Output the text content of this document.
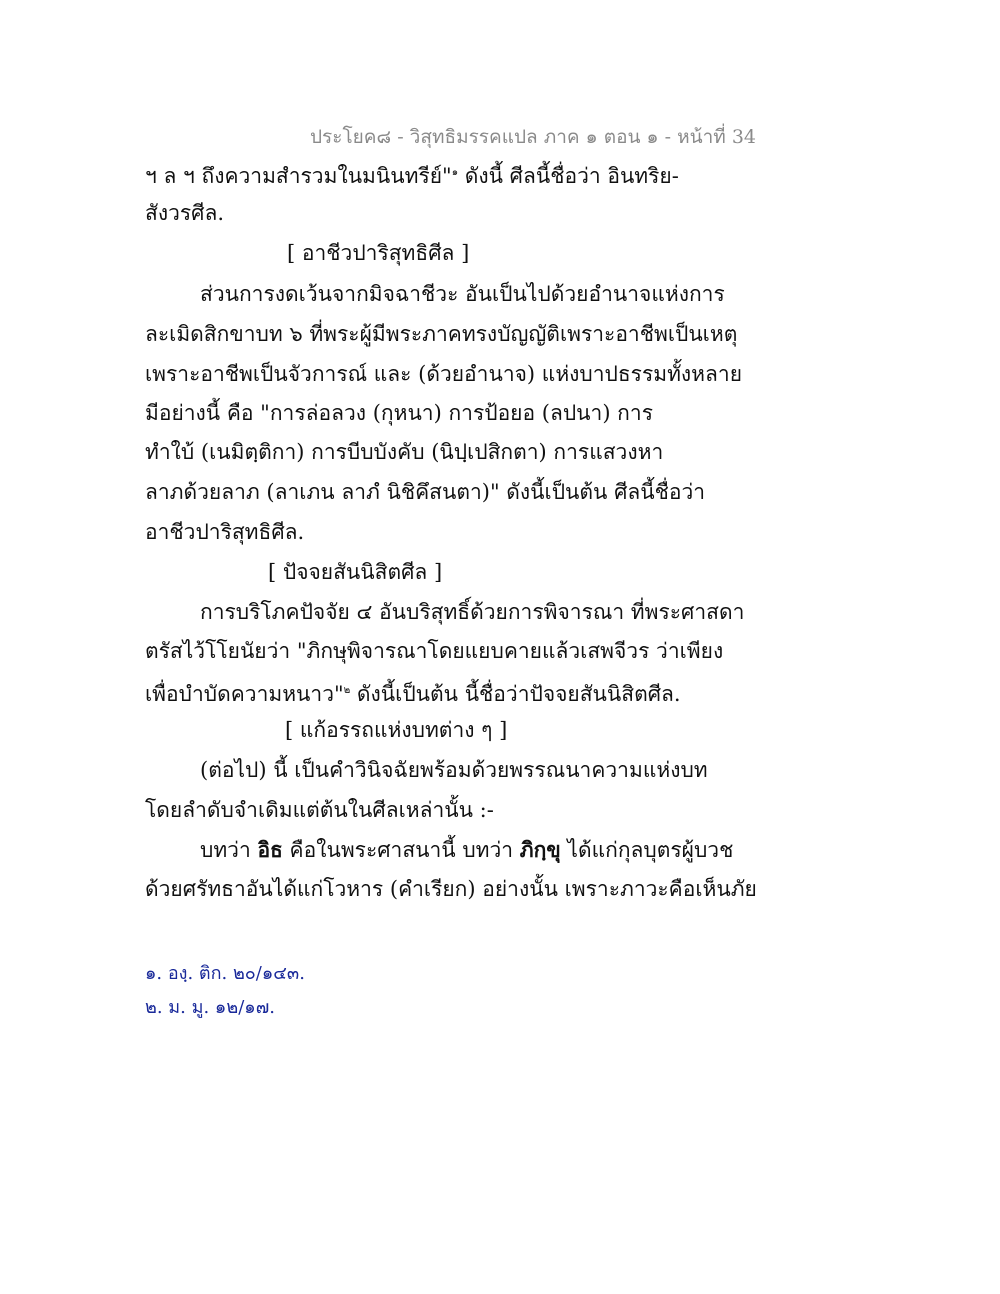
ประโยค๘ - วิสุทธิมรรคแปล ภาค ๑ ตอน ๑ - หน้าที่ 34
ฯ ล ฯ ถึงความสำรวมในมนินทรีย์"$^๑$ ดังนี้ ศีลนี้ชื่อว่า อินทริย-
สังวรศีล.
[ อาชีวปาริสุทธิศีล ]
ส่วนการงดเว้นจากมิจฉาชีวะ อันเป็นไปด้วยอำนาจแห่งการ
ละเมิดสิกขาบท ๖ ที่พระผู้มีพระภาคทรงบัญญัติเพราะอาชีพเป็นเหตุ
เพราะอาชีพเป็นจัวการณ์ และ (ด้วยอำนาจ) แห่งบาปธรรมทั้งหลาย
มีอย่างนี้ คือ "การล่อลวง (กุหนา) การป้อยอ (ลปนา) การ
ทำใบ้ (เนมิตฺติกา) การบีบบังคับ (นิปฺเปสิกตา) การแสวงหา
ลาภด้วยลาภ (ลาเภน ลาภํ นิชิคึสนตา)" ดังนี้เป็นต้น ศีลนี้ชื่อว่า
อาชีวปาริสุทธิศีล.
[ ปัจจยสันนิสิตศีล ]
การบริโภคปัจจัย ๔ อันบริสุทธิ์ด้วยการพิจารณา ที่พระศาสดา
ตรัสไว้โโยนัยว่า "ภิกษุพิจารณาโดยแยบคายแล้วเสพจีวร ว่าเพียง
เพื่อบำบัดความหนาว"$^๒$ ดังนี้เป็นต้น นี้ชื่อว่าปัจจยสันนิสิตศีล.
[ แก้อรรถแห่งบทต่าง ๆ ]
(ต่อไป) นี้ เป็นคำวินิจฉัยพร้อมด้วยพรรณนาความแห่งบท
โดยลำดับจำเดิมแต่ต้นในศีลเหล่านั้น :-
บทว่า อิธ คือในพระศาสนานี้ บทว่า ภิกฺขุ ได้แก่กุลบุตรผู้บวช
ด้วยศรัทธาอันได้แก่โวหาร (คำเรียก) อย่างนั้น เพราะภาวะคือเห็นภัย
๑. องฺ. ติก. ๒๐/๑๔๓.
๒. ม. มู. ๑๒/๑๗.
